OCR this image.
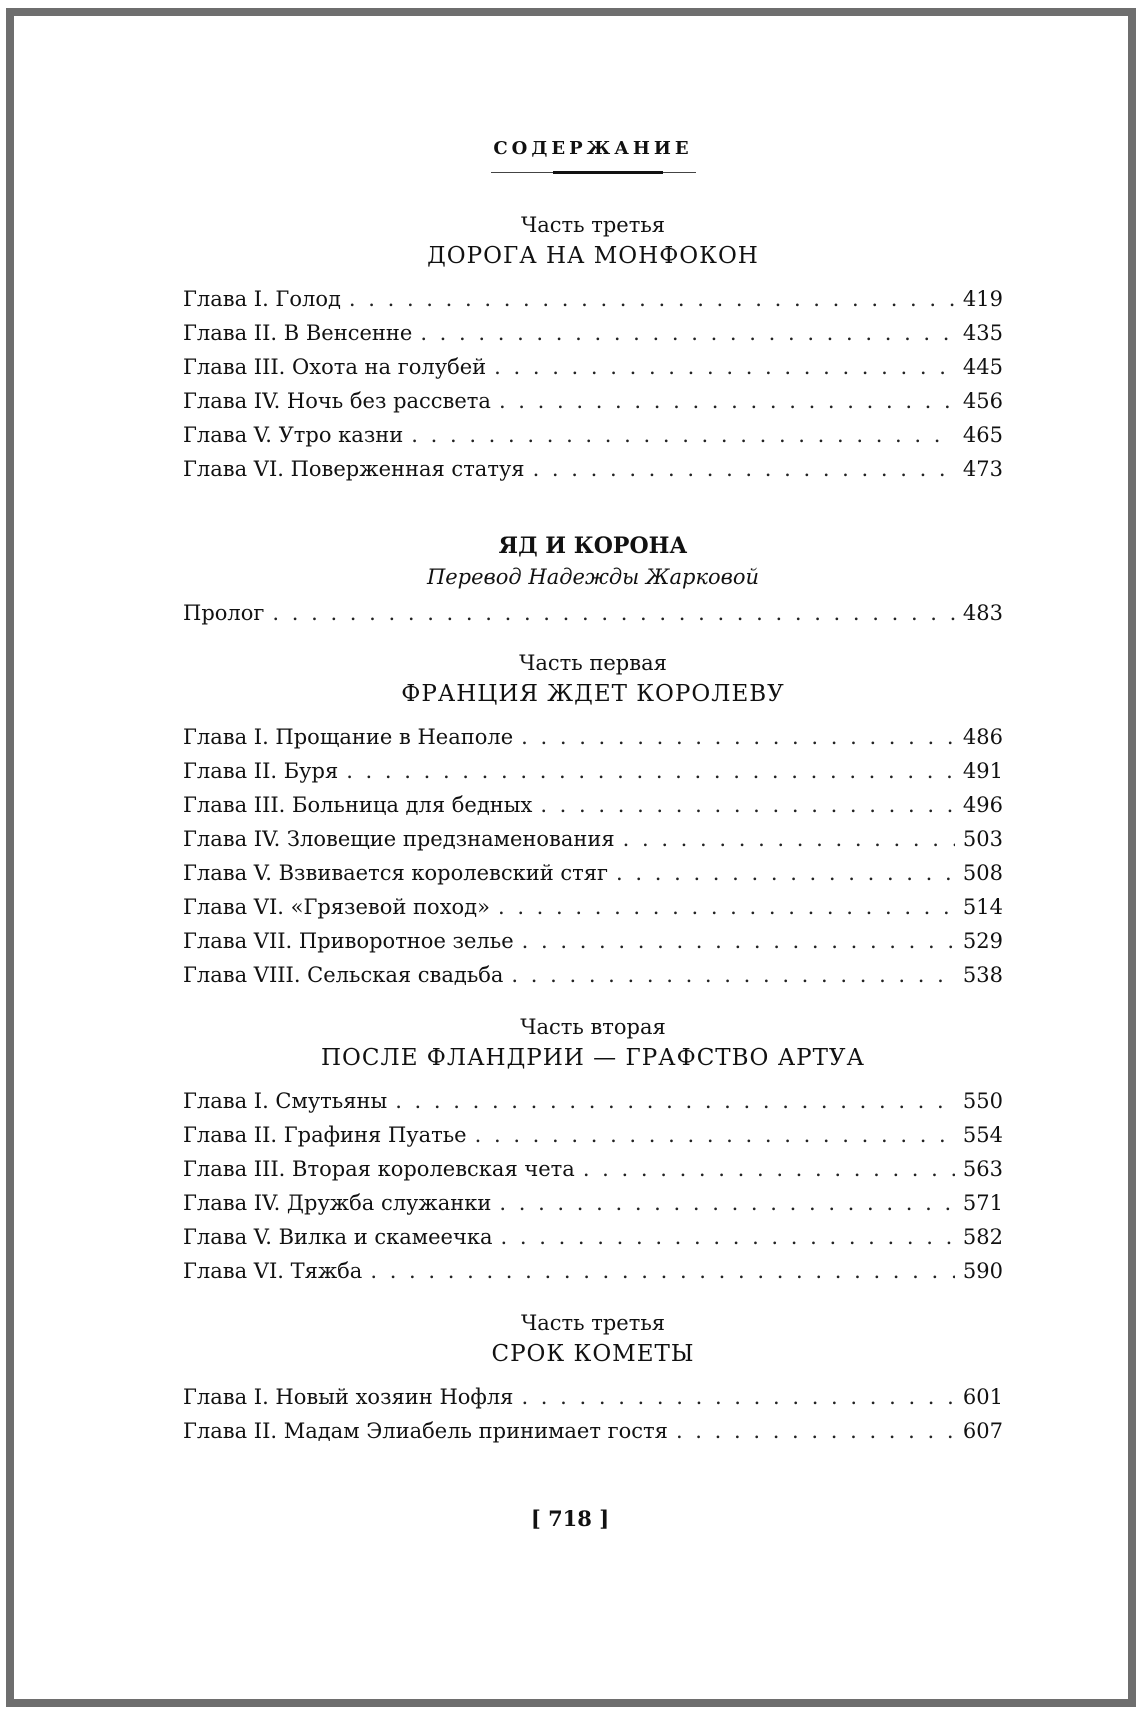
СОДЕРЖАНИЕ

Часть третья

ДОРОГА НА МОНФОКОН

Глава I. Голод . . .	419
Глава II. В Венсенне . . .	435
Глава III. Охота на голубей . . .	445
Глава IV. Ночь без рассвета . . .	456
Глава V. Утро казни . . .	465
Глава VI. Поверженная статуя . . .	473

ЯД И КОРОНА

Перевод Надежды Жарковой

Пролог . . .	483

Часть первая

ФРАНЦИЯ ЖДЕТ КОРОЛЕВУ

Глава I. Прощание в Неаполе . . .	486
Глава II. Буря . . .	491
Глава III. Больница для бедных . . .	496
Глава IV. Зловещие предзнаменования . . .	503
Глава V. Взвивается королевский стяг . . .	508
Глава VI. «Грязевой поход» . . .	514
Глава VII. Приворотное зелье . . .	529
Глава VIII. Сельская свадьба . . .	538

Часть вторая

ПОСЛЕ ФЛАНДРИИ — ГРАФСТВО АРТУА

Глава I. Смутьяны . . .	550
Глава II. Графиня Пуатье . . .	554
Глава III. Вторая королевская чета . . .	563
Глава IV. Дружба служанки . . .	571
Глава V. Вилка и скамеечка . . .	582
Глава VI. Тяжба . . .	590

Часть третья

СРОК КОМЕТЫ

Глава I. Новый хозяин Нофля . . .	601
Глава II. Мадам Элиабель принимает гостя . . .	607
[ 718 ]
